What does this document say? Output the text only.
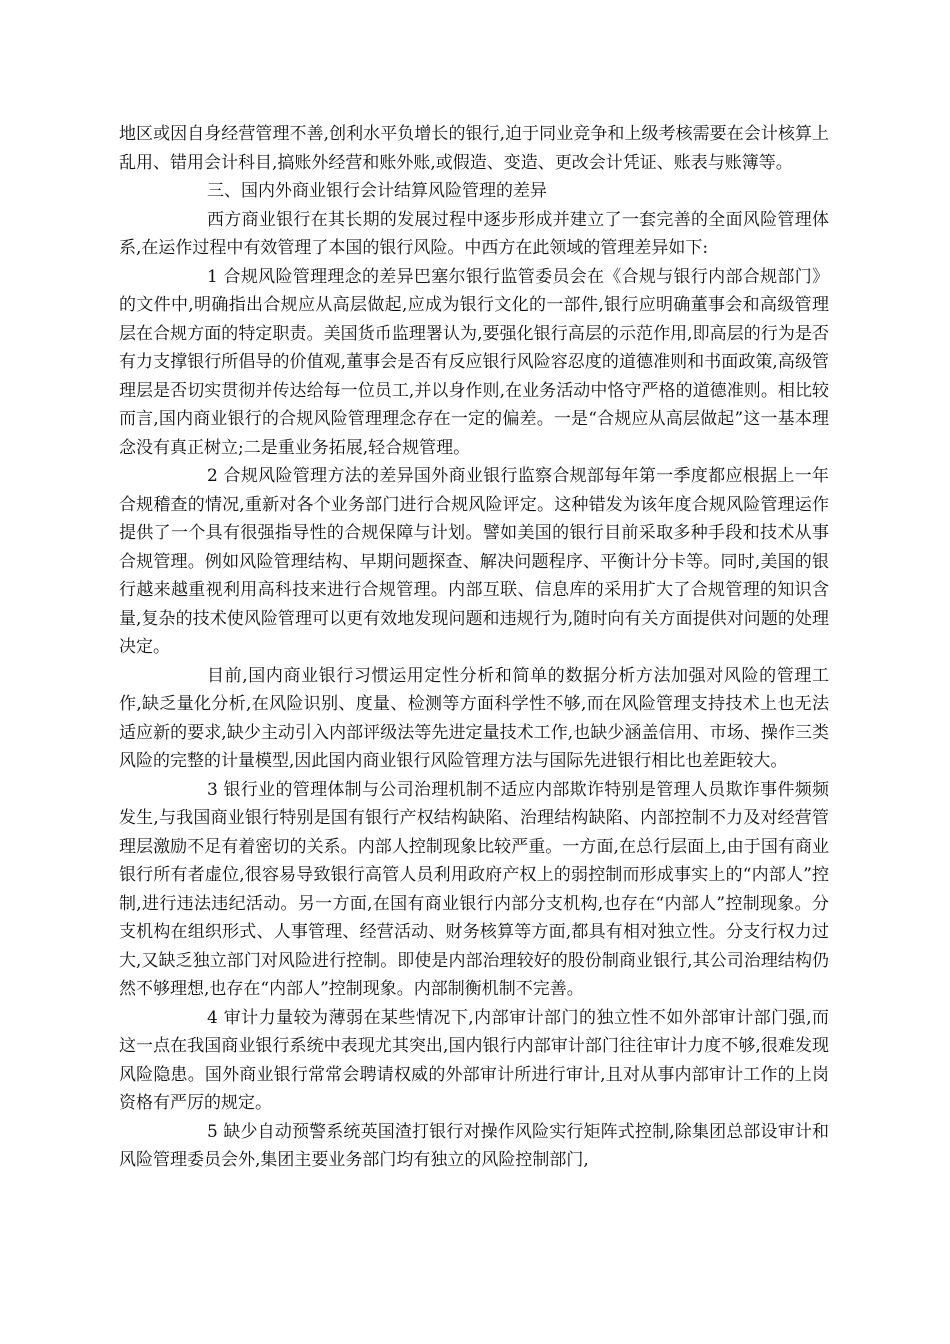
地区或因自身经营管理不善,创利水平负增长的银行,迫于同业竞争和上级考核需要在会计核算上乱用、错用会计科目,搞账外经营和账外账,或假造、变造、更改会计凭证、账表与账簿等。

三、国内外商业银行会计结算风险管理的差异

西方商业银行在其长期的发展过程中逐步形成并建立了一套完善的全面风险管理体系,在运作过程中有效管理了本国的银行风险。中西方在此领域的管理差异如下:

1 合规风险管理理念的差异巴塞尔银行监管委员会在《合规与银行内部合规部门》的文件中,明确指出合规应从高层做起,应成为银行文化的一部件,银行应明确董事会和高级管理层在合规方面的特定职责。美国货币监理署认为,要强化银行高层的示范作用,即高层的行为是否有力支撑银行所倡导的价值观,董事会是否有反应银行风险容忍度的道德准则和书面政策,高级管理层是否切实贯彻并传达给每一位员工,并以身作则,在业务活动中恪守严格的道德准则。相比较而言,国内商业银行的合规风险管理理念存在一定的偏差。一是“合规应从高层做起”这一基本理念没有真正树立;二是重业务拓展,轻合规管理。

2 合规风险管理方法的差异国外商业银行监察合规部每年第一季度都应根据上一年合规稽查的情况,重新对各个业务部门进行合规风险评定。这种错发为该年度合规风险管理运作提供了一个具有很强指导性的合规保障与计划。譬如美国的银行目前采取多种手段和技术从事合规管理。例如风险管理结构、早期问题探查、解决问题程序、平衡计分卡等。同时,美国的银行越来越重视利用高科技来进行合规管理。内部互联、信息库的采用扩大了合规管理的知识含量,复杂的技术使风险管理可以更有效地发现问题和违规行为,随时向有关方面提供对问题的处理决定。

目前,国内商业银行习惯运用定性分析和简单的数据分析方法加强对风险的管理工作,缺乏量化分析,在风险识别、度量、检测等方面科学性不够,而在风险管理支持技术上也无法适应新的要求,缺少主动引入内部评级法等先进定量技术工作,也缺少涵盖信用、市场、操作三类风险的完整的计量模型,因此国内商业银行风险管理方法与国际先进银行相比也差距较大。

3 银行业的管理体制与公司治理机制不适应内部欺诈特别是管理人员欺诈事件频频发生,与我国商业银行特别是国有银行产权结构缺陷、治理结构缺陷、内部控制不力及对经营管理层激励不足有着密切的关系。内部人控制现象比较严重。一方面,在总行层面上,由于国有商业银行所有者虚位,很容易导致银行高管人员利用政府产权上的弱控制而形成事实上的“内部人”控制,进行违法违纪活动。另一方面,在国有商业银行内部分支机构,也存在“内部人”控制现象。分支机构在组织形式、人事管理、经营活动、财务核算等方面,都具有相对独立性。分支行权力过大,又缺乏独立部门对风险进行控制。即使是内部治理较好的股份制商业银行,其公司治理结构仍然不够理想,也存在“内部人”控制现象。内部制衡机制不完善。

4 审计力量较为薄弱在某些情况下,内部审计部门的独立性不如外部审计部门强,而这一点在我国商业银行系统中表现尤其突出,国内银行内部审计部门往往审计力度不够,很难发现风险隐患。国外商业银行常常会聘请权威的外部审计所进行审计,且对从事内部审计工作的上岗资格有严厉的规定。

5 缺少自动预警系统英国渣打银行对操作风险实行矩阵式控制,除集团总部设审计和风险管理委员会外,集团主要业务部门均有独立的风险控制部门,
